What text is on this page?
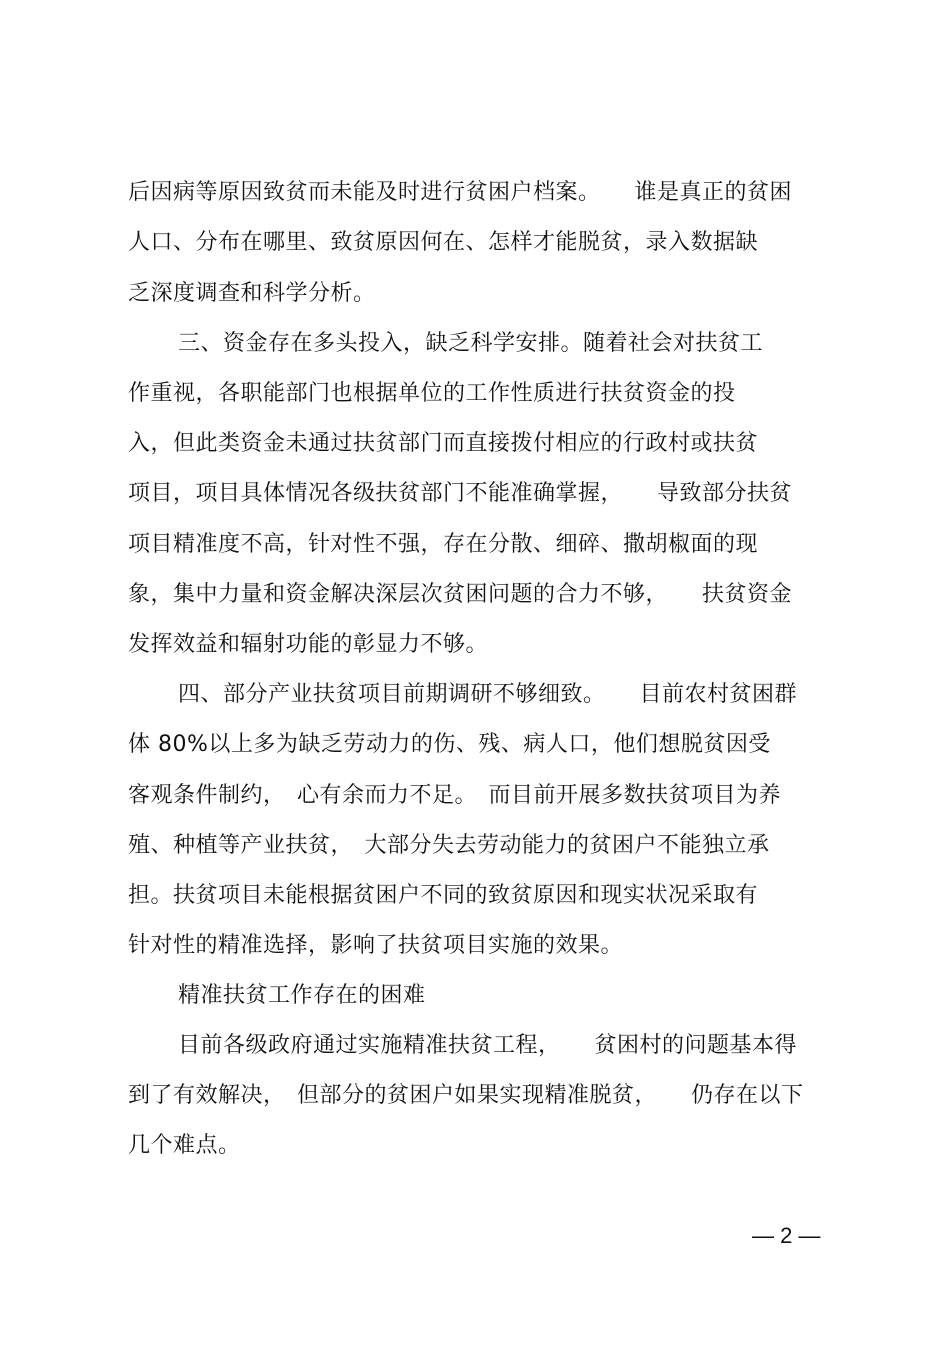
后因病等原因致贫而未能及时进行贫困户档案。　　谁是真正的贫困
人口、分布在哪里、致贫原因何在、怎样才能脱贫，录入数据缺
乏深度调查和科学分析。
三、资金存在多头投入，缺乏科学安排。随着社会对扶贫工
作重视，各职能部门也根据单位的工作性质进行扶贫资金的投
入，但此类资金未通过扶贫部门而直接拨付相应的行政村或扶贫
项目，项目具体情况各级扶贫部门不能准确掌握，　　导致部分扶贫
项目精准度不高，针对性不强，存在分散、细碎、撒胡椒面的现
象，集中力量和资金解决深层次贫困问题的合力不够，　　扶贫资金
发挥效益和辐射功能的彰显力不够。
四、部分产业扶贫项目前期调研不够细致。　　目前农村贫困群
体 80%以上多为缺乏劳动力的伤、残、病人口，他们想脱贫因受
客观条件制约，　心有余而力不足。　而目前开展多数扶贫项目为养
殖、种植等产业扶贫，　大部分失去劳动能力的贫困户不能独立承
担。扶贫项目未能根据贫困户不同的致贫原因和现实状况采取有
针对性的精准选择，影响了扶贫项目实施的效果。
精准扶贫工作存在的困难
目前各级政府通过实施精准扶贫工程，　　贫困村的问题基本得
到了有效解决，　但部分的贫困户如果实现精准脱贫，　　仍存在以下
几个难点。
— 2 —
